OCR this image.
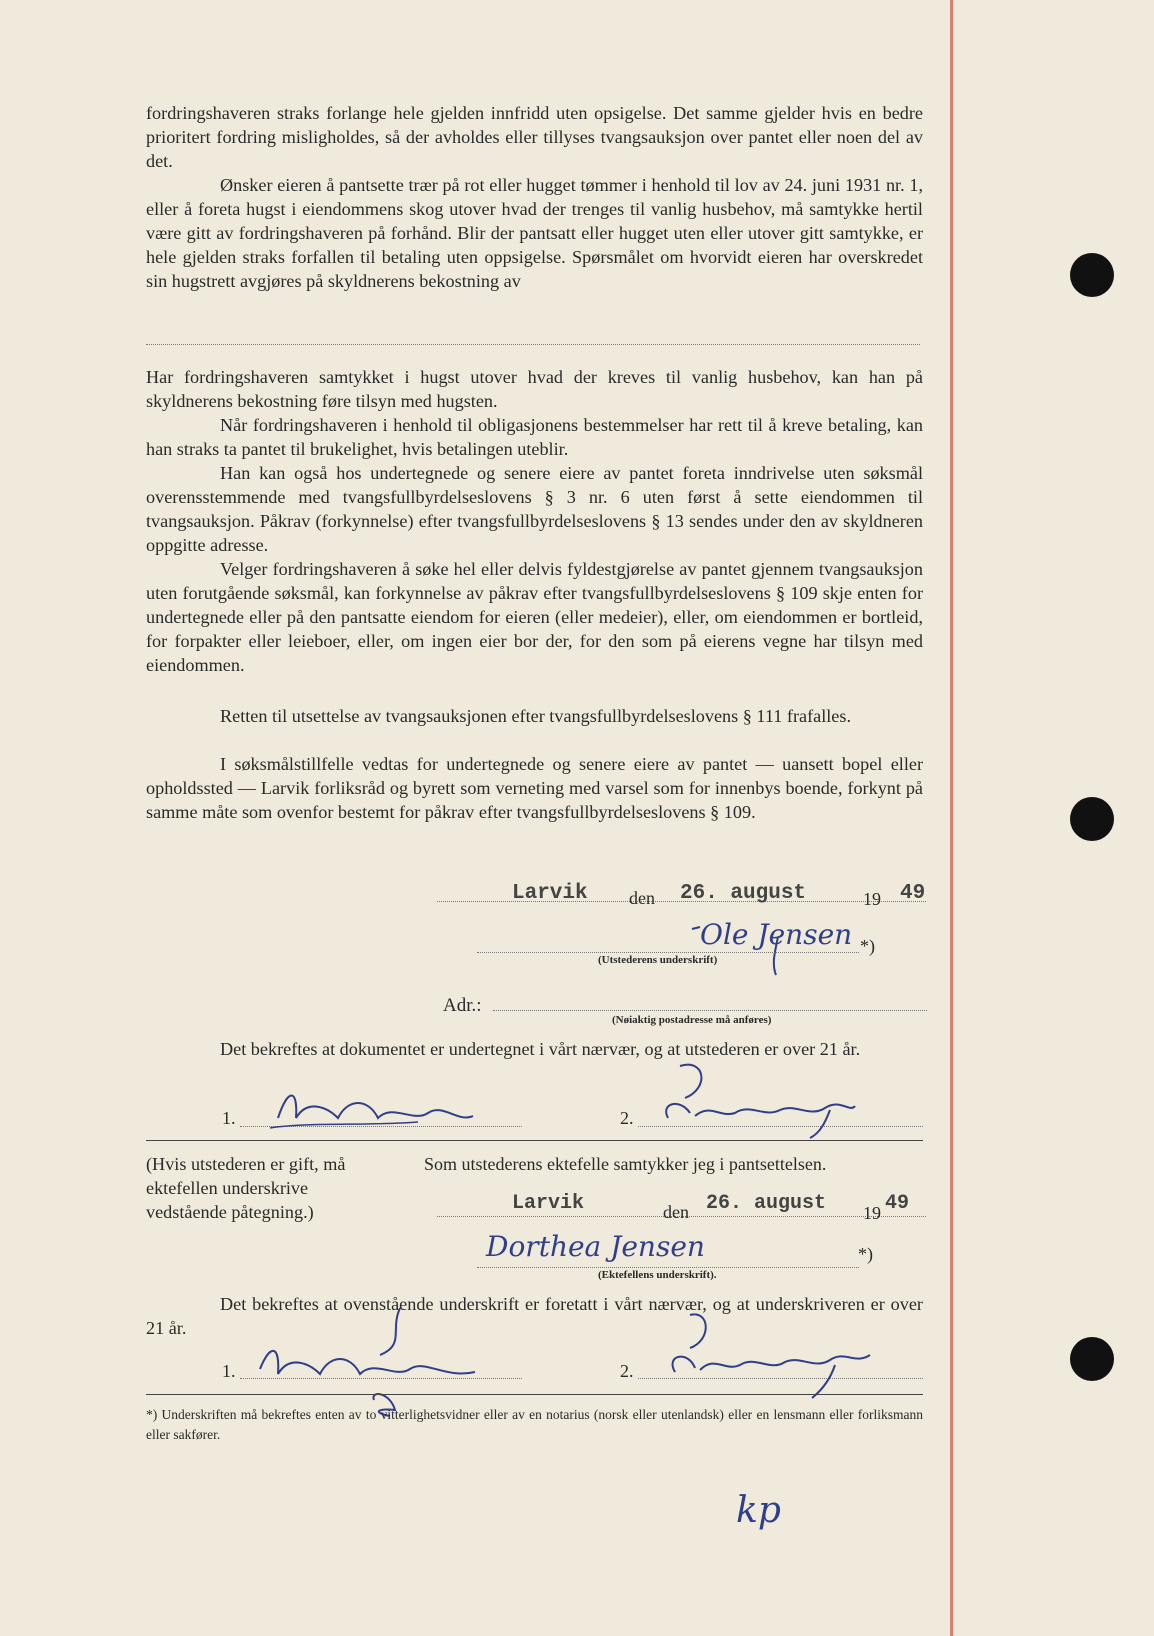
fordringshaveren straks forlange hele gjelden innfridd uten opsigelse. Det samme gjelder hvis en bedre prioritert fordring misligholdes, så der avholdes eller tillyses tvangsauksjon over pantet eller noen del av det.

Ønsker eieren å pantsette trær på rot eller hugget tømmer i henhold til lov av 24. juni 1931 nr. 1, eller å foreta hugst i eiendommens skog utover hvad der trenges til vanlig husbehov, må samtykke hertil være gitt av fordringshaveren på forhånd. Blir der pantsatt eller hugget uten eller utover gitt samtykke, er hele gjelden straks forfallen til betaling uten oppsigelse. Spørsmålet om hvorvidt eieren har overskredet sin hugstrett avgjøres på skyldnerens bekostning av

Har fordringshaveren samtykket i hugst utover hvad der kreves til vanlig husbehov, kan han på skyldnerens bekostning føre tilsyn med hugsten.

Når fordringshaveren i henhold til obligasjonens bestemmelser har rett til å kreve betaling, kan han straks ta pantet til brukelighet, hvis betalingen uteblir.

Han kan også hos undertegnede og senere eiere av pantet foreta inndrivelse uten søksmål overensstemmende med tvangsfullbyrdelseslovens § 3 nr. 6 uten først å sette eiendommen til tvangsauksjon. Påkrav (forkynnelse) efter tvangsfullbyrdelseslovens § 13 sendes under den av skyldneren oppgitte adresse.

Velger fordringshaveren å søke hel eller delvis fyldestgjørelse av pantet gjennem tvangsauksjon uten forutgående søksmål, kan forkynnelse av påkrav efter tvangsfullbyrdelseslovens § 109 skje enten for undertegnede eller på den pantsatte eiendom for eieren (eller medeier), eller, om eiendommen er bortleid, for forpakter eller leieboer, eller, om ingen eier bor der, for den som på eierens vegne har tilsyn med eiendommen.

Retten til utsettelse av tvangsauksjonen efter tvangsfullbyrdelseslovens § 111 frafalles.

I søksmålstillfelle vedtas for undertegnede og senere eiere av pantet — uansett bopel eller opholdssted — Larvik forliksråd og byrett som verneting med varsel som for innenbys boende, forkynt på samme måte som ovenfor bestemt for påkrav efter tvangsfullbyrdelseslovens § 109.

Larvik den 26. august	19 49
Ole Jensen *)
(Utstederens underskrift)
Adr.:
(Nøiaktig postadresse må anføres)

Det bekreftes at dokumentet er undertegnet i vårt nærvær, og at utstederen er over 21 år.

1.	2.

(Hvis utstederen er gift, må ektefellen underskrive vedstående påtegning.)

Som utstederens ektefelle samtykker jeg i pantsettelsen.
Larvik	den 26. august 19 49
Dorthea Jensen	*)
(Ektefellens underskrift).

Det bekreftes at ovenstående underskrift er foretatt i vårt nærvær, og at underskriveren er over 21 år.

1.	2.

*) Underskriften må bekreftes enten av to vitterlighetsvidner eller av en notarius (norsk eller utenlandsk) eller en lensmann eller forliksmann eller sakfører.

kp
